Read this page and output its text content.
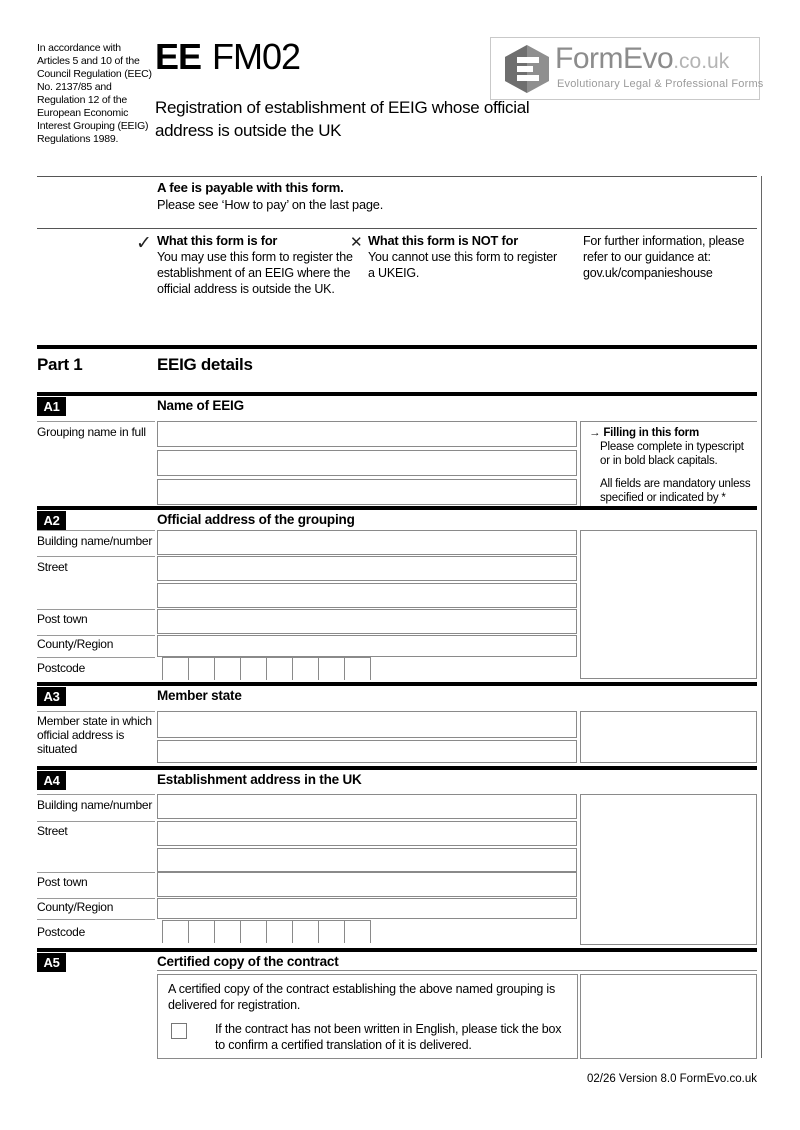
In accordance with Articles 5 and 10 of the Council Regulation (EEC) No. 2137/85 and Regulation 12 of the European Economic Interest Grouping (EEIG) Regulations 1989.
EE FM02
Registration of establishment of EEIG whose official address is outside the UK
FormEvo.co.uk
Evolutionary Legal & Professional Forms
A fee is payable with this form.
Please see ‘How to pay’ on the last page.
✓ What this form is for
You may use this form to register the establishment of an EEIG where the official address is outside the UK.
✕ What this form is NOT for
You cannot use this form to register a UKEIG.
For further information, please refer to our guidance at: gov.uk/companieshouse
Part 1	EEIG details
A1	Name of EEIG
Grouping name in full	→ Filling in this form
Please complete in typescript or in bold black capitals.
All fields are mandatory unless specified or indicated by *
A2	Official address of the grouping
Building name/number
Street
Post town
County/Region
Postcode
A3	Member state
Member state in which official address is situated
A4	Establishment address in the UK
Building name/number
Street
Post town
County/Region
Postcode
A5	Certified copy of the contract
A certified copy of the contract establishing the above named grouping is delivered for registration.
If the contract has not been written in English, please tick the box to confirm a certified translation of it is delivered.
02/26 Version 8.0 FormEvo.co.uk
